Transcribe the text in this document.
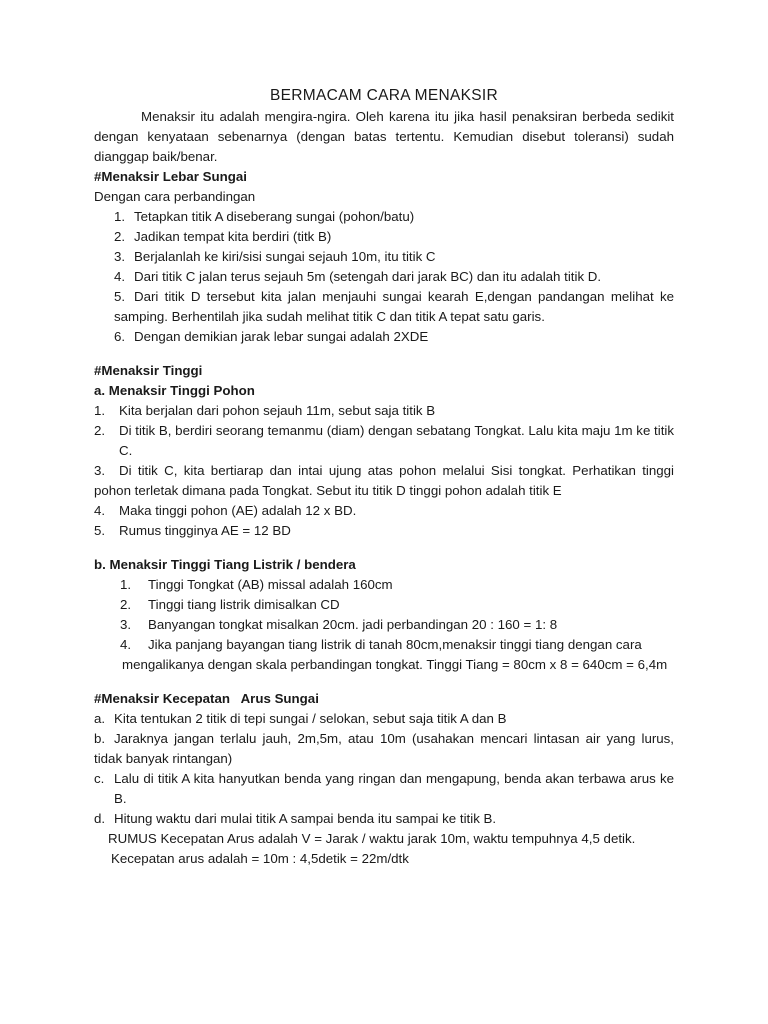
BERMACAM CARA MENAKSIR

Menaksir itu adalah mengira-ngira. Oleh karena itu jika hasil penaksiran berbeda sedikit dengan kenyataan sebenarnya (dengan batas tertentu. Kemudian disebut toleransi) sudah dianggap baik/benar.

#Menaksir Lebar Sungai

Dengan cara perbandingan

1. Tetapkan titik A diseberang sungai (pohon/batu)
2. Jadikan tempat kita berdiri (titk B)
3. Berjalanlah ke kiri/sisi sungai sejauh 10m, itu titik C
4. Dari titik C jalan terus sejauh 5m (setengah dari jarak BC) dan itu adalah titik D.
5. Dari titik D tersebut kita jalan menjauhi sungai kearah E,dengan pandangan melihat ke samping. Berhentilah jika sudah melihat titik C dan titik A tepat satu garis.
6. Dengan demikian jarak lebar sungai adalah 2XDE

#Menaksir Tinggi

a. Menaksir Tinggi Pohon

1.	Kita berjalan dari pohon sejauh 11m, sebut saja titik B
2.	Di titik B, berdiri seorang temanmu (diam) dengan sebatang Tongkat. Lalu kita maju 1m ke titik C.
3.	Di titik C, kita bertiarap dan intai ujung atas pohon melalui Sisi tongkat. Perhatikan tinggi pohon terletak dimana pada Tongkat. Sebut itu titik D tinggi pohon adalah titik E
4.	Maka tinggi pohon (AE) adalah 12 x BD.
5.	Rumus tingginya AE = 12 BD

b. Menaksir Tinggi Tiang Listrik / bendera

1.	Tinggi Tongkat (AB) missal adalah 160cm
2.	Tinggi tiang listrik dimisalkan CD
3.	Banyangan tongkat misalkan 20cm. jadi perbandingan 20 : 160 = 1: 8
4.	Jika panjang bayangan tiang listrik di tanah 80cm,menaksir tinggi tiang dengan cara

mengalikanya dengan skala perbandingan tongkat. Tinggi Tiang = 80cm x 8 = 640cm = 6,4m

#Menaksir Kecepatan   Arus Sungai

a. Kita tentukan 2 titik di tepi sungai / selokan, sebut saja titik A dan B
b. Jaraknya jangan terlalu jauh, 2m,5m, atau 10m (usahakan mencari lintasan air yang lurus, tidak banyak rintangan)
c. Lalu di titik A kita hanyutkan benda yang ringan dan mengapung, benda akan terbawa arus ke B.
d. Hitung waktu dari mulai titik A sampai benda itu sampai ke titik B.

RUMUS Kecepatan Arus adalah V = Jarak / waktu jarak 10m, waktu tempuhnya 4,5 detik.

Kecepatan arus adalah = 10m : 4,5detik = 22m/dtk
